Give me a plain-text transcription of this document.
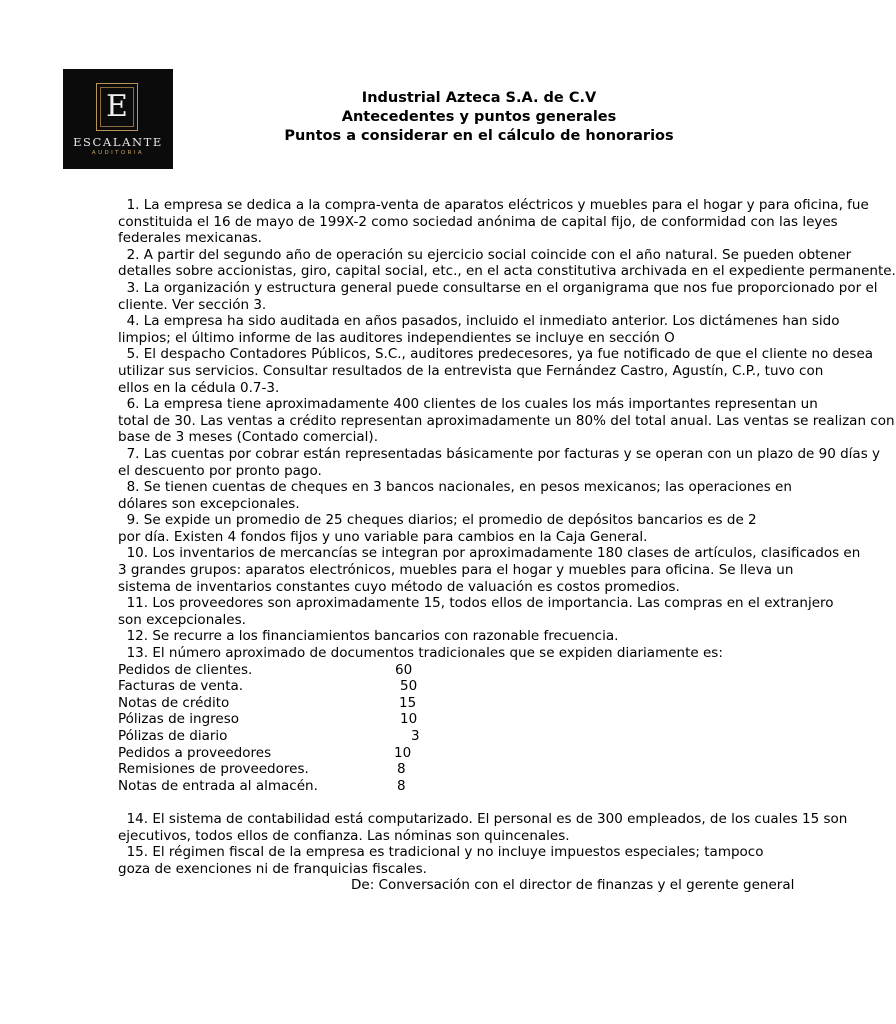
E
ESCALANTE
AUDITORIA
Industrial Azteca S.A. de C.V
Antecedentes y puntos generales
Puntos a considerar en el cálculo de honorarios
1. La empresa se dedica a la compra-venta de aparatos eléctricos y muebles para el hogar y para oficina, fue
constituida el 16 de mayo de 199X-2 como sociedad anónima de capital fijo, de conformidad con las leyes
federales mexicanas.
2. A partir del segundo año de operación su ejercicio social coincide con el año natural. Se pueden obtener
detalles sobre accionistas, giro, capital social, etc., en el acta constitutiva archivada en el expediente permanente.
3. La organización y estructura general puede consultarse en el organigrama que nos fue proporcionado por el
cliente. Ver sección 3.
4. La empresa ha sido auditada en años pasados, incluido el inmediato anterior. Los dictámenes han sido
limpios; el último informe de las auditores independientes se incluye en sección O
5. El despacho Contadores Públicos, S.C., auditores predecesores, ya fue notificado de que el cliente no desea
utilizar sus servicios. Consultar resultados de la entrevista que Fernández Castro, Agustín, C.P., tuvo con
ellos en la cédula 0.7-3.
6. La empresa tiene aproximadamente 400 clientes de los cuales los más importantes representan un
total de 30. Las ventas a crédito representan aproximadamente un 80% del total anual. Las ventas se realizan con
base de 3 meses (Contado comercial).
7. Las cuentas por cobrar están representadas básicamente por facturas y se operan con un plazo de 90 días y
el descuento por pronto pago.
8. Se tienen cuentas de cheques en 3 bancos nacionales, en pesos mexicanos; las operaciones en
dólares son excepcionales.
9. Se expide un promedio de 25 cheques diarios; el promedio de depósitos bancarios es de 2
por día. Existen 4 fondos fijos y uno variable para cambios en la Caja General.
10. Los inventarios de mercancías se integran por aproximadamente 180 clases de artículos, clasificados en
3 grandes grupos: aparatos electrónicos, muebles para el hogar y muebles para oficina. Se lleva un
sistema de inventarios constantes cuyo método de valuación es costos promedios.
11. Los proveedores son aproximadamente 15, todos ellos de importancia. Las compras en el extranjero
son excepcionales.
12. Se recurre a los financiamientos bancarios con razonable frecuencia.
13. El número aproximado de documentos tradicionales que se expiden diariamente es:

Pedidos de clientes.

	60

Facturas de venta.

	50

Notas de crédito

	15

Pólizas de ingreso

	10

Pólizas de diario

	3

Pedidos a proveedores

	10

Remisiones de proveedores.

	8

Notas de entrada al almacén.

	8

14. El sistema de contabilidad está computarizado. El personal es de 300 empleados, de los cuales 15 son
ejecutivos, todos ellos de confianza. Las nóminas son quincenales.
15. El régimen fiscal de la empresa es tradicional y no incluye impuestos especiales; tampoco
goza de exenciones ni de franquicias fiscales.
De: Conversación con el director de finanzas y el gerente general
